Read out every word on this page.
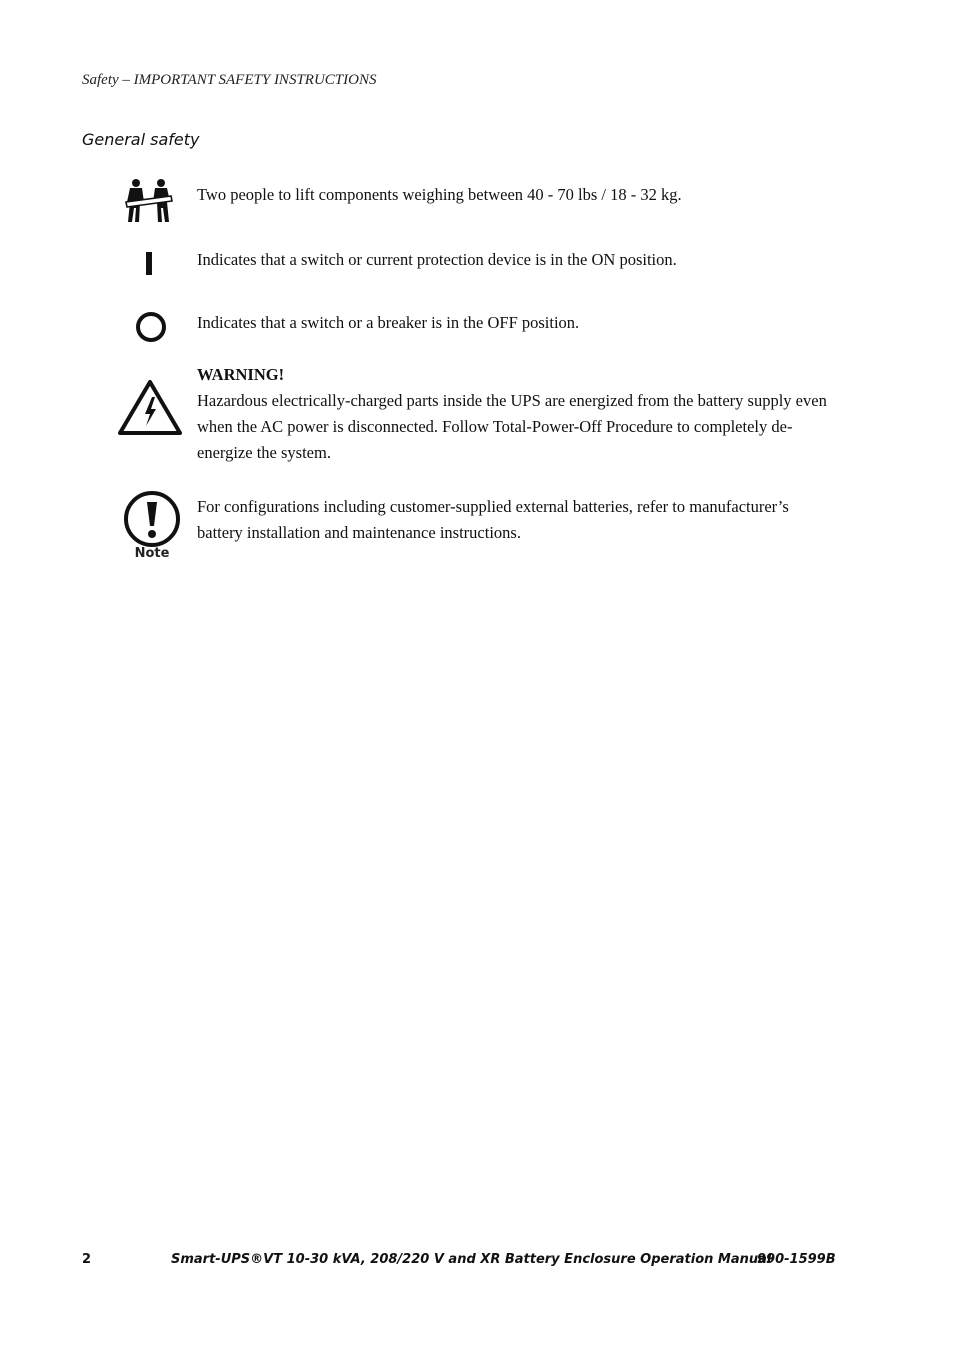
Safety – IMPORTANT SAFETY INSTRUCTIONS
General safety
Two people to lift components weighing between 40 - 70 lbs / 18 - 32 kg.
Indicates that a switch or current protection device is in the ON position.
Indicates that a switch or a breaker is in the OFF position.
WARNING!
Hazardous electrically-charged parts inside the UPS are energized from the battery supply even when the AC power is disconnected. Follow Total-Power-Off Procedure to completely de-energize the system.
Note
For configurations including customer-supplied external batteries, refer to manufacturer’s battery installation and maintenance instructions.
2	Smart-UPS®VT 10-30 kVA, 208/220 V and XR Battery Enclosure Operation Manual
990-1599B
